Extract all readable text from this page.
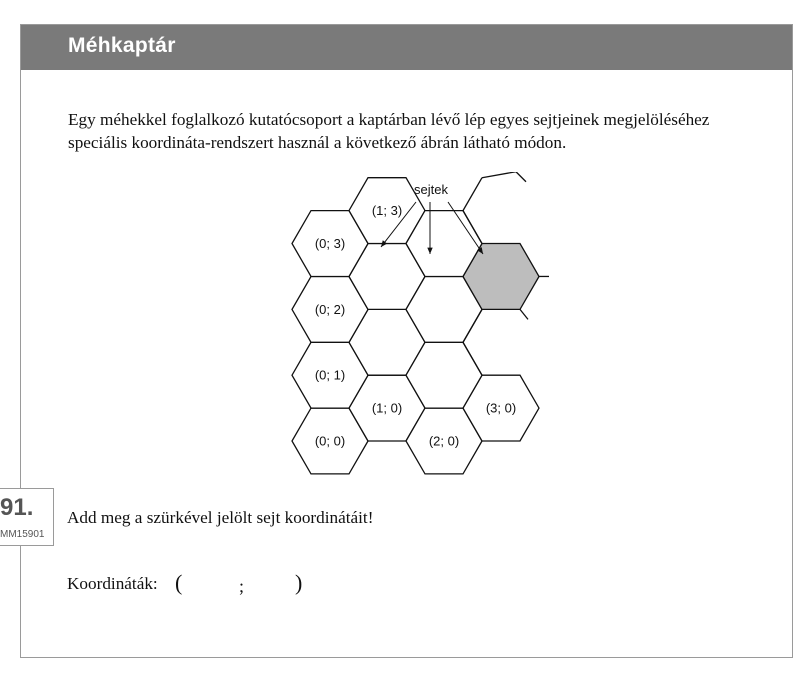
Méhkaptár

Egy méhekkel foglalkozó kutatócsoport a kaptárban lévő lép egyes sejtjeinek megjelöléséhez

speciális koordináta-rendszert használ a következő ábrán látható módon.

(0; 0)
(1; 0)
(2; 0)
(3; 0)
(0; 1)
(0; 2)
(0; 3)
(1; 3)
sejtek
91.
MM15901
Add meg a szürkével jelölt sejt koordinátáit!
Koordináták: (	; )
